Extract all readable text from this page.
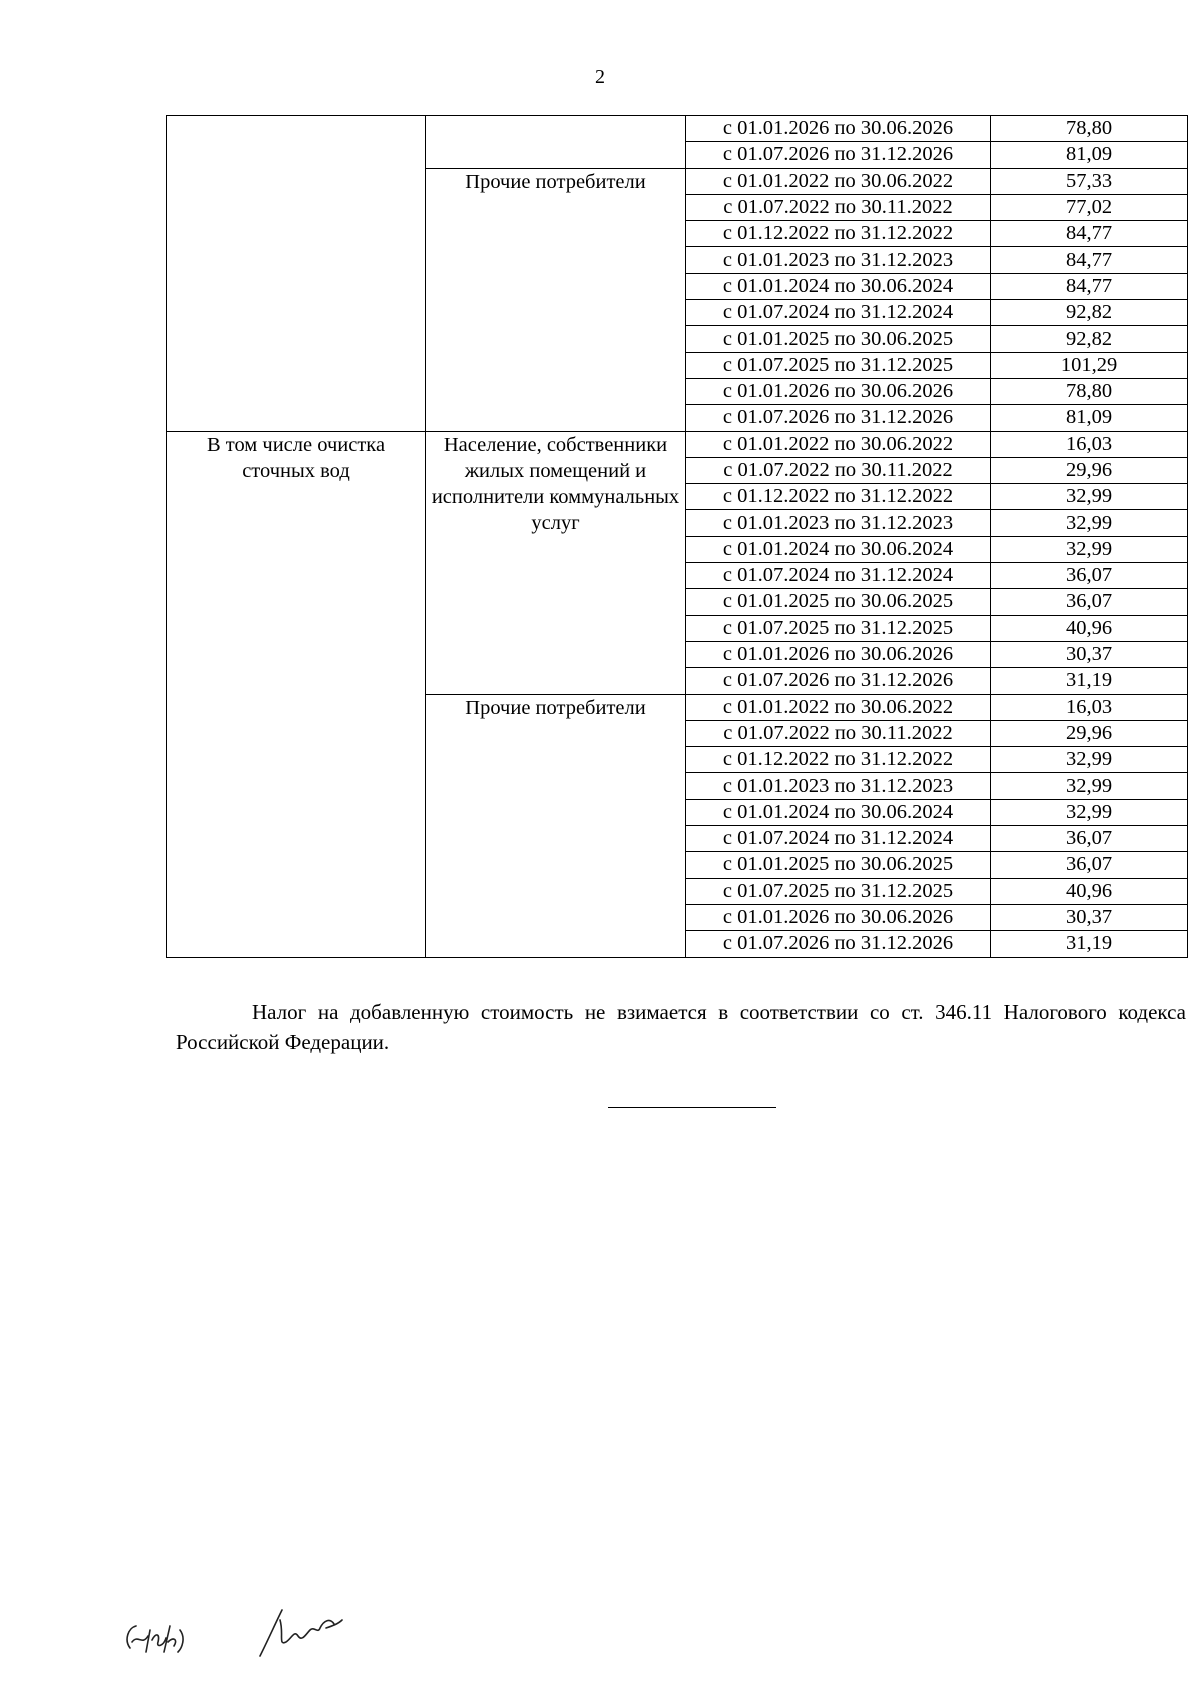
2
		с 01.01.2026 по 30.06.2026	78,80
		с 01.07.2026 по 31.12.2026	81,09
	Прочие потребители	с 01.01.2022 по 30.06.2022	57,33
		с 01.07.2022 по 30.11.2022	77,02
		с 01.12.2022 по 31.12.2022	84,77
		с 01.01.2023 по 31.12.2023	84,77
		с 01.01.2024 по 30.06.2024	84,77
		с 01.07.2024 по 31.12.2024	92,82
		с 01.01.2025 по 30.06.2025	92,82
		с 01.07.2025 по 31.12.2025	101,29
		с 01.01.2026 по 30.06.2026	78,80
		с 01.07.2026 по 31.12.2026	81,09
В том числе очистка сточных вод	Население, собственники жилых помещений и исполнители коммунальных услуг	с 01.01.2022 по 30.06.2022	16,03
		с 01.07.2022 по 30.11.2022	29,96
		с 01.12.2022 по 31.12.2022	32,99
		с 01.01.2023 по 31.12.2023	32,99
		с 01.01.2024 по 30.06.2024	32,99
		с 01.07.2024 по 31.12.2024	36,07
		с 01.01.2025 по 30.06.2025	36,07
		с 01.07.2025 по 31.12.2025	40,96
		с 01.01.2026 по 30.06.2026	30,37
		с 01.07.2026 по 31.12.2026	31,19
	Прочие потребители	с 01.01.2022 по 30.06.2022	16,03
		с 01.07.2022 по 30.11.2022	29,96
		с 01.12.2022 по 31.12.2022	32,99
		с 01.01.2023 по 31.12.2023	32,99
		с 01.01.2024 по 30.06.2024	32,99
		с 01.07.2024 по 31.12.2024	36,07
		с 01.01.2025 по 30.06.2025	36,07
		с 01.07.2025 по 31.12.2025	40,96
		с 01.01.2026 по 30.06.2026	30,37
		с 01.07.2026 по 31.12.2026	31,19

Налог на добавленную стоимость не взимается в соответствии со ст. 346.11 Налогового кодекса Российской Федерации.
